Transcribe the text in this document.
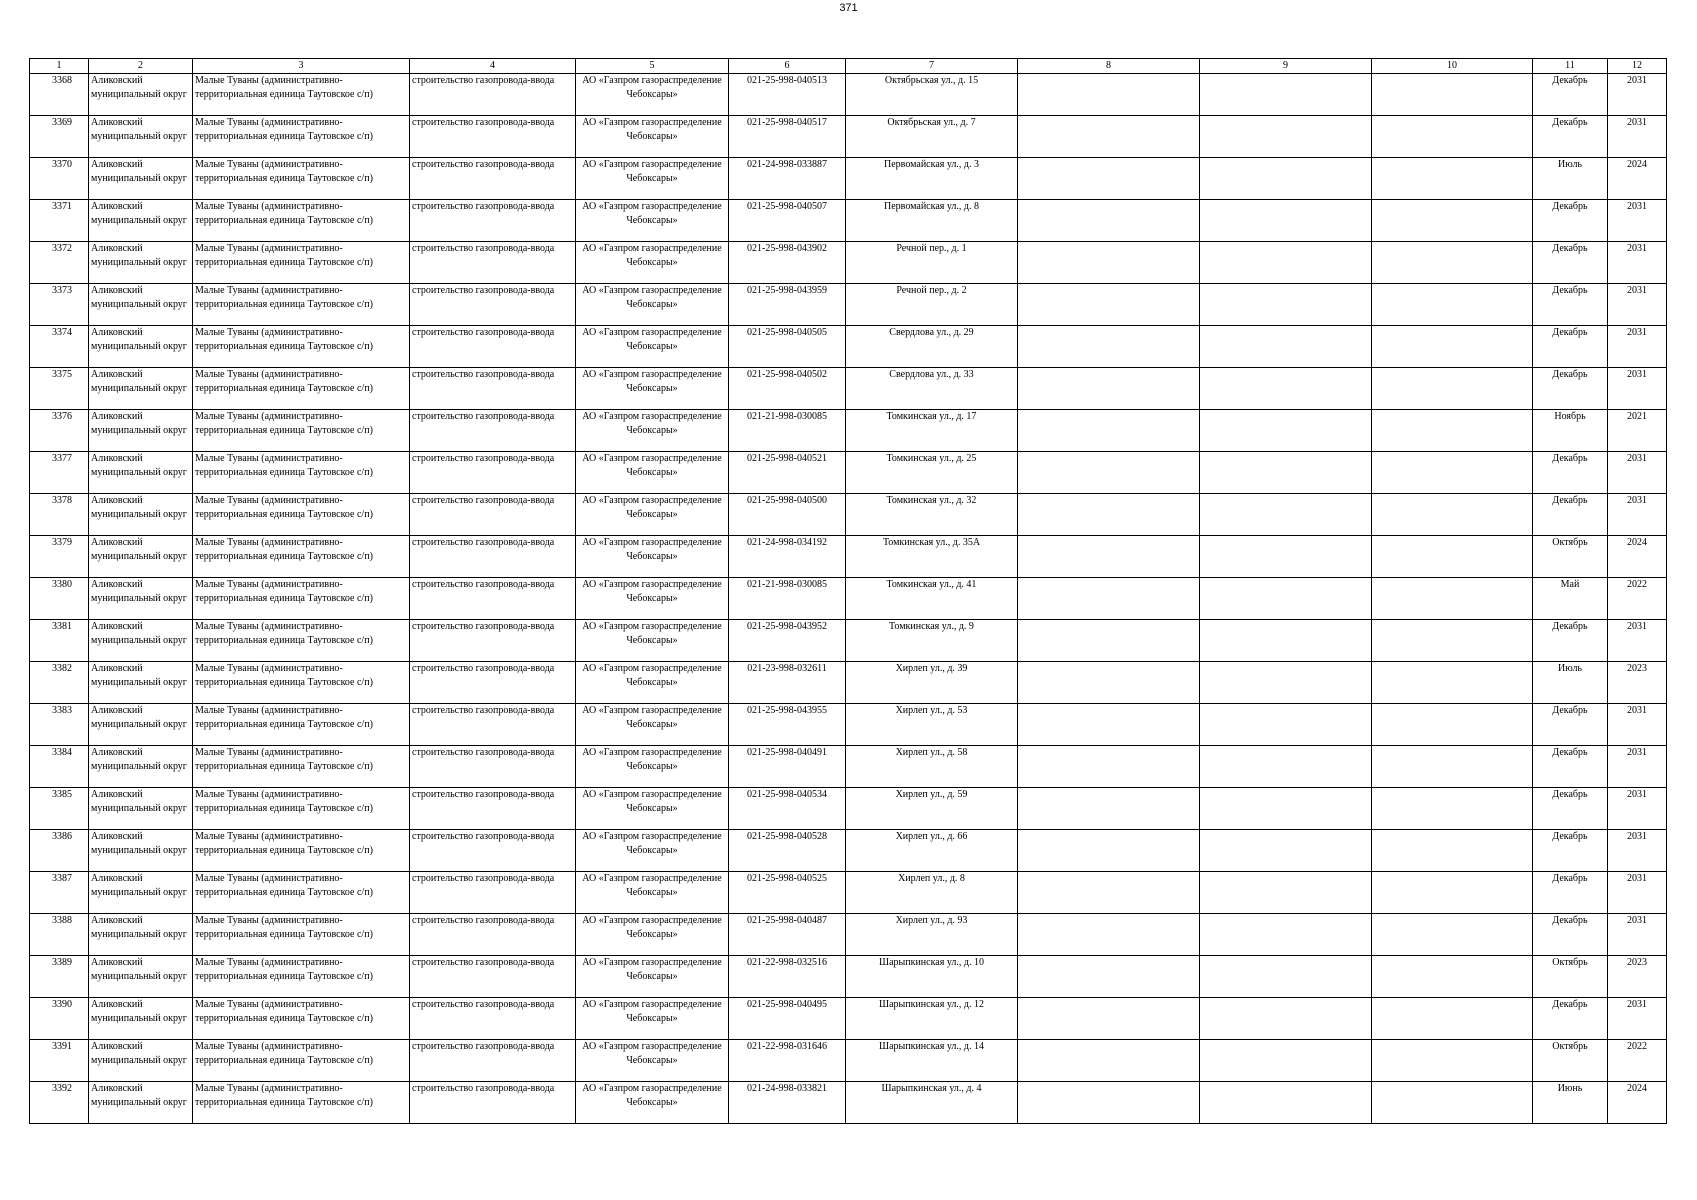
371
1	2	3	4	5	6	7	8	9	10	11	12

3368	Аликовский муниципальный округ	Малые Туваны (административно-территориальная единица Таутовское с/п)	строительство газопровода-ввода	АО «Газпром газораспределение Чебоксары»	021-25-998-040513	Октябрьская ул., д. 15				Декабрь	2031

3369	Аликовский муниципальный округ	Малые Туваны (административно-территориальная единица Таутовское с/п)	строительство газопровода-ввода	АО «Газпром газораспределение Чебоксары»	021-25-998-040517	Октябрьская ул., д. 7				Декабрь	2031

3370	Аликовский муниципальный округ	Малые Туваны (административно-территориальная единица Таутовское с/п)	строительство газопровода-ввода	АО «Газпром газораспределение Чебоксары»	021-24-998-033887	Первомайская ул., д. 3				Июль	2024

3371	Аликовский муниципальный округ	Малые Туваны (административно-территориальная единица Таутовское с/п)	строительство газопровода-ввода	АО «Газпром газораспределение Чебоксары»	021-25-998-040507	Первомайская ул., д. 8				Декабрь	2031

3372	Аликовский муниципальный округ	Малые Туваны (административно-территориальная единица Таутовское с/п)	строительство газопровода-ввода	АО «Газпром газораспределение Чебоксары»	021-25-998-043902	Речной пер., д. 1				Декабрь	2031

3373	Аликовский муниципальный округ	Малые Туваны (административно-территориальная единица Таутовское с/п)	строительство газопровода-ввода	АО «Газпром газораспределение Чебоксары»	021-25-998-043959	Речной пер., д. 2				Декабрь	2031

3374	Аликовский муниципальный округ	Малые Туваны (административно-территориальная единица Таутовское с/п)	строительство газопровода-ввода	АО «Газпром газораспределение Чебоксары»	021-25-998-040505	Свердлова ул., д. 29				Декабрь	2031

3375	Аликовский муниципальный округ	Малые Туваны (административно-территориальная единица Таутовское с/п)	строительство газопровода-ввода	АО «Газпром газораспределение Чебоксары»	021-25-998-040502	Свердлова ул., д. 33				Декабрь	2031

3376	Аликовский муниципальный округ	Малые Туваны (административно-территориальная единица Таутовское с/п)	строительство газопровода-ввода	АО «Газпром газораспределение Чебоксары»	021-21-998-030085	Томкинская ул., д. 17				Ноябрь	2021

3377	Аликовский муниципальный округ	Малые Туваны (административно-территориальная единица Таутовское с/п)	строительство газопровода-ввода	АО «Газпром газораспределение Чебоксары»	021-25-998-040521	Томкинская ул., д. 25				Декабрь	2031

3378	Аликовский муниципальный округ	Малые Туваны (административно-территориальная единица Таутовское с/п)	строительство газопровода-ввода	АО «Газпром газораспределение Чебоксары»	021-25-998-040500	Томкинская ул., д. 32				Декабрь	2031

3379	Аликовский муниципальный округ	Малые Туваны (административно-территориальная единица Таутовское с/п)	строительство газопровода-ввода	АО «Газпром газораспределение Чебоксары»	021-24-998-034192	Томкинская ул., д. 35А				Октябрь	2024

3380	Аликовский муниципальный округ	Малые Туваны (административно-территориальная единица Таутовское с/п)	строительство газопровода-ввода	АО «Газпром газораспределение Чебоксары»	021-21-998-030085	Томкинская ул., д. 41				Май	2022

3381	Аликовский муниципальный округ	Малые Туваны (административно-территориальная единица Таутовское с/п)	строительство газопровода-ввода	АО «Газпром газораспределение Чебоксары»	021-25-998-043952	Томкинская ул., д. 9				Декабрь	2031

3382	Аликовский муниципальный округ	Малые Туваны (административно-территориальная единица Таутовское с/п)	строительство газопровода-ввода	АО «Газпром газораспределение Чебоксары»	021-23-998-032611	Хирлеп ул., д. 39				Июль	2023

3383	Аликовский муниципальный округ	Малые Туваны (административно-территориальная единица Таутовское с/п)	строительство газопровода-ввода	АО «Газпром газораспределение Чебоксары»	021-25-998-043955	Хирлеп ул., д. 53				Декабрь	2031

3384	Аликовский муниципальный округ	Малые Туваны (административно-территориальная единица Таутовское с/п)	строительство газопровода-ввода	АО «Газпром газораспределение Чебоксары»	021-25-998-040491	Хирлеп ул., д. 58				Декабрь	2031

3385	Аликовский муниципальный округ	Малые Туваны (административно-территориальная единица Таутовское с/п)	строительство газопровода-ввода	АО «Газпром газораспределение Чебоксары»	021-25-998-040534	Хирлеп ул., д. 59				Декабрь	2031

3386	Аликовский муниципальный округ	Малые Туваны (административно-территориальная единица Таутовское с/п)	строительство газопровода-ввода	АО «Газпром газораспределение Чебоксары»	021-25-998-040528	Хирлеп ул., д. 66				Декабрь	2031

3387	Аликовский муниципальный округ	Малые Туваны (административно-территориальная единица Таутовское с/п)	строительство газопровода-ввода	АО «Газпром газораспределение Чебоксары»	021-25-998-040525	Хирлеп ул., д. 8				Декабрь	2031

3388	Аликовский муниципальный округ	Малые Туваны (административно-территориальная единица Таутовское с/п)	строительство газопровода-ввода	АО «Газпром газораспределение Чебоксары»	021-25-998-040487	Хирлеп ул., д. 93				Декабрь	2031

3389	Аликовский муниципальный округ	Малые Туваны (административно-территориальная единица Таутовское с/п)	строительство газопровода-ввода	АО «Газпром газораспределение Чебоксары»	021-22-998-032516	Шарыпкинская ул., д. 10				Октябрь	2023

3390	Аликовский муниципальный округ	Малые Туваны (административно-территориальная единица Таутовское с/п)	строительство газопровода-ввода	АО «Газпром газораспределение Чебоксары»	021-25-998-040495	Шарыпкинская ул., д. 12				Декабрь	2031

3391	Аликовский муниципальный округ	Малые Туваны (административно-территориальная единица Таутовское с/п)	строительство газопровода-ввода	АО «Газпром газораспределение Чебоксары»	021-22-998-031646	Шарыпкинская ул., д. 14				Октябрь	2022

3392	Аликовский муниципальный округ	Малые Туваны (административно-территориальная единица Таутовское с/п)	строительство газопровода-ввода	АО «Газпром газораспределение Чебоксары»	021-24-998-033821	Шарыпкинская ул., д. 4				Июнь	2024
